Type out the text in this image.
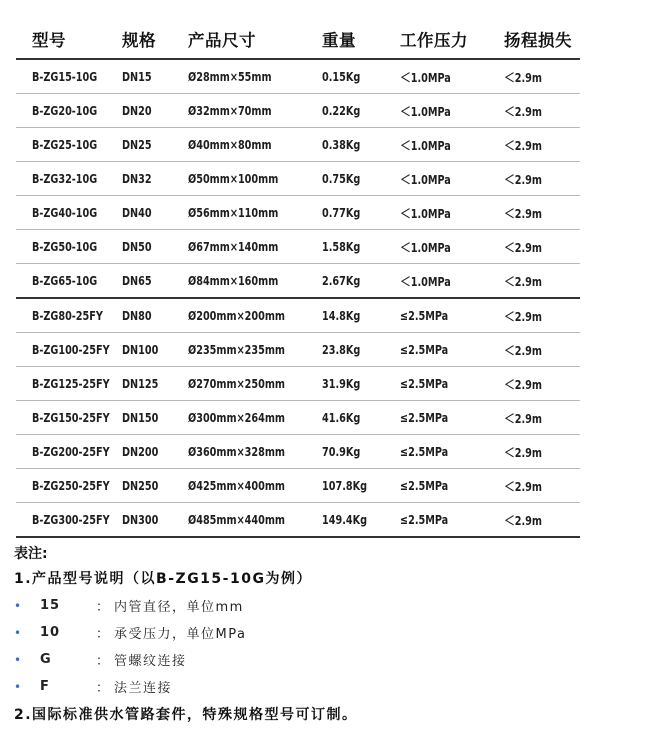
型号	规格	产品尺寸	重量	工作压力	扬程损失
B-ZG15-10G	DN15	Ø28mm×55mm	0.15Kg	＜1.0MPa	＜2.9m
B-ZG20-10G	DN20	Ø32mm×70mm	0.22Kg	＜1.0MPa	＜2.9m
B-ZG25-10G	DN25	Ø40mm×80mm	0.38Kg	＜1.0MPa	＜2.9m
B-ZG32-10G	DN32	Ø50mm×100mm	0.75Kg	＜1.0MPa	＜2.9m
B-ZG40-10G	DN40	Ø56mm×110mm	0.77Kg	＜1.0MPa	＜2.9m
B-ZG50-10G	DN50	Ø67mm×140mm	1.58Kg	＜1.0MPa	＜2.9m
B-ZG65-10G	DN65	Ø84mm×160mm	2.67Kg	＜1.0MPa	＜2.9m
B-ZG80-25FY	DN80	Ø200mm×200mm	14.8Kg	≤2.5MPa	＜2.9m
B-ZG100-25FY DN100	Ø235mm×235mm	23.8Kg	≤2.5MPa	＜2.9m
B-ZG125-25FY DN125	Ø270mm×250mm	31.9Kg	≤2.5MPa	＜2.9m
B-ZG150-25FY DN150	Ø300mm×264mm	41.6Kg	≤2.5MPa	＜2.9m
B-ZG200-25FY DN200	Ø360mm×328mm	70.9Kg	≤2.5MPa	＜2.9m
B-ZG250-25FY DN250	Ø425mm×400mm	107.8Kg	≤2.5MPa	＜2.9m
B-ZG300-25FY DN300	Ø485mm×440mm	149.4Kg	≤2.5MPa	＜2.9m
表注:
1.产品型号说明（以B-ZG15-10G为例）
•	15	： 内管直径，单位mm
•	10	： 承受压力，单位MPa
•	G	： 管螺纹连接
•	F	： 法兰连接
2.国际标准供水管路套件，特殊规格型号可订制。
